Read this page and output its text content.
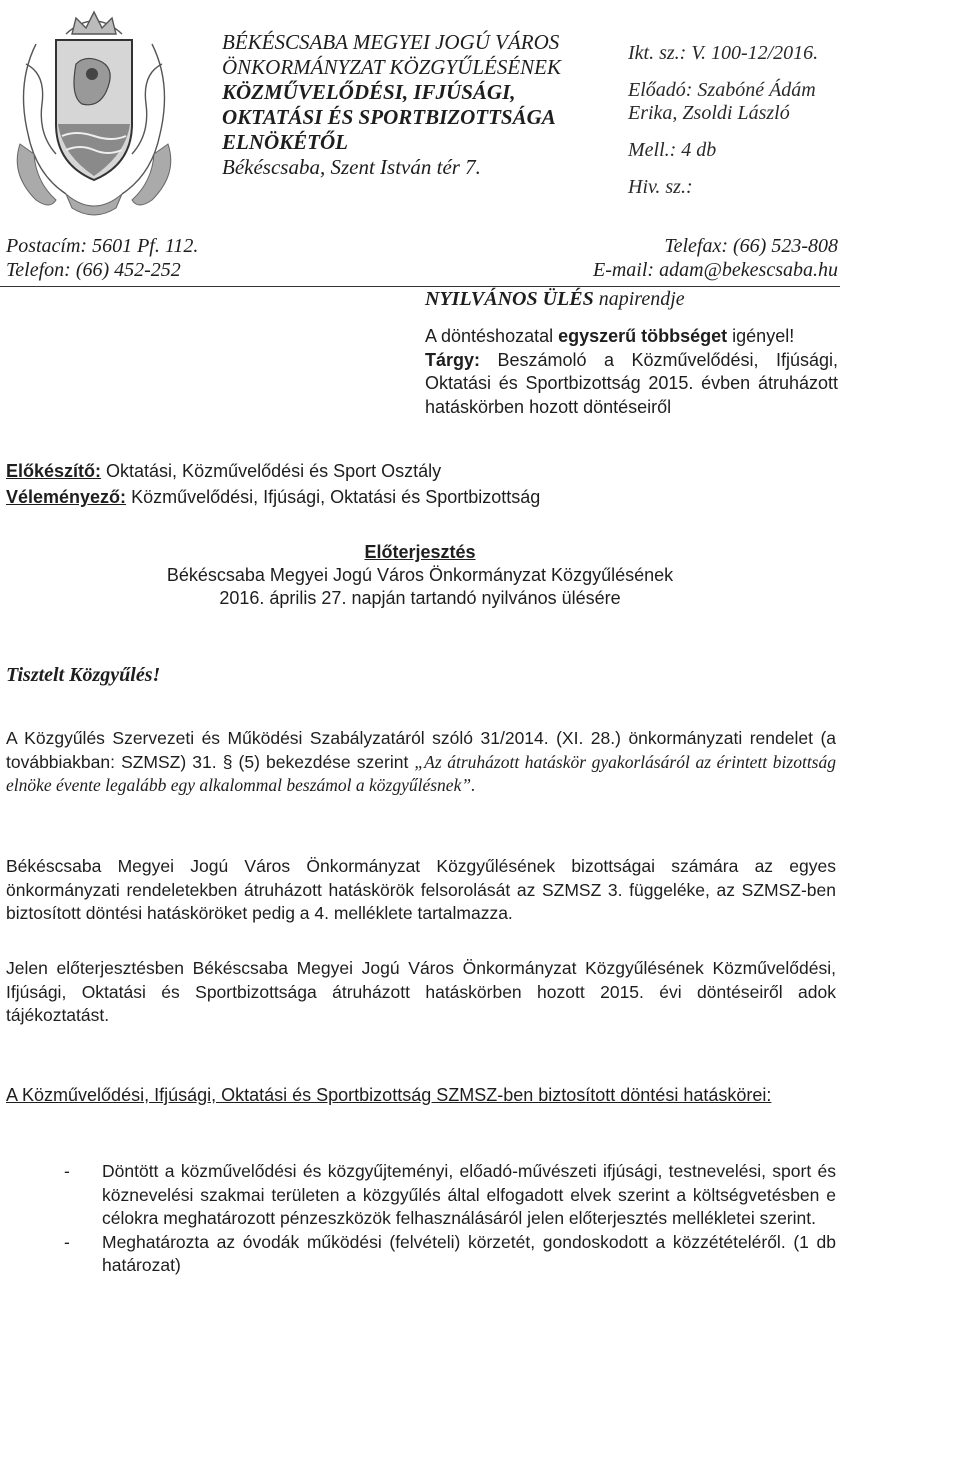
BÉKÉSCSABA MEGYEI JOGÚ VÁROS
ÖNKORMÁNYZAT KÖZGYŰLÉSÉNEK
KÖZMŰVELŐDÉSI, IFJÚSÁGI,
OKTATÁSI ÉS SPORTBIZOTTSÁGA
ELNÖKÉTŐL
Békéscsaba, Szent István tér 7.
Ikt. sz.: V. 100-12/2016.
Előadó: Szabóné Ádám
Erika, Zsoldi László
Mell.: 4 db
Hiv. sz.:
Postacím: 5601 Pf. 112.
Telefon: (66) 452-252
Telefax: (66) 523-808
E-mail: adam@bekescsaba.hu
NYILVÁNOS ÜLÉS napirendje
A döntéshozatal egyszerű többséget igényel!
Tárgy: Beszámoló a Közművelődési, Ifjúsági, Oktatási és Sportbizottság 2015. évben átruházott hatáskörben hozott döntéseiről
Előkészítő: Oktatási, Közművelődési és Sport Osztály
Véleményező: Közművelődési, Ifjúsági, Oktatási és Sportbizottság
Előterjesztés
Békéscsaba Megyei Jogú Város Önkormányzat Közgyűlésének
2016. április 27. napján tartandó nyilvános ülésére
Tisztelt Közgyűlés!
A Közgyűlés Szervezeti és Működési Szabályzatáról szóló 31/2014. (XI. 28.) önkormányzati rendelet (a továbbiakban: SZMSZ) 31. § (5) bekezdése szerint „Az átruházott hatáskör gyakorlásáról az érintett bizottság elnöke évente legalább egy alkalommal beszámol a közgyűlésnek”.
Békéscsaba Megyei Jogú Város Önkormányzat Közgyűlésének bizottságai számára az egyes önkormányzati rendeletekben átruházott hatáskörök felsorolását az SZMSZ 3. függeléke, az SZMSZ-ben biztosított döntési hatásköröket pedig a 4. melléklete tartalmazza.
Jelen előterjesztésben Békéscsaba Megyei Jogú Város Önkormányzat Közgyűlésének Közművelődési, Ifjúsági, Oktatási és Sportbizottsága átruházott hatáskörben hozott 2015. évi döntéseiről adok tájékoztatást.
A Közművelődési, Ifjúsági, Oktatási és Sportbizottság SZMSZ-ben biztosított döntési hatáskörei:
- Döntött a közművelődési és közgyűjteményi, előadó-művészeti ifjúsági, testnevelési, sport és köznevelési szakmai területen a közgyűlés által elfogadott elvek szerint a költségvetésben e célokra meghatározott pénzeszközök felhasználásáról jelen előterjesztés mellékletei szerint.
- Meghatározta az óvodák működési (felvételi) körzetét, gondoskodott a közzétételéről. (1 db határozat)
